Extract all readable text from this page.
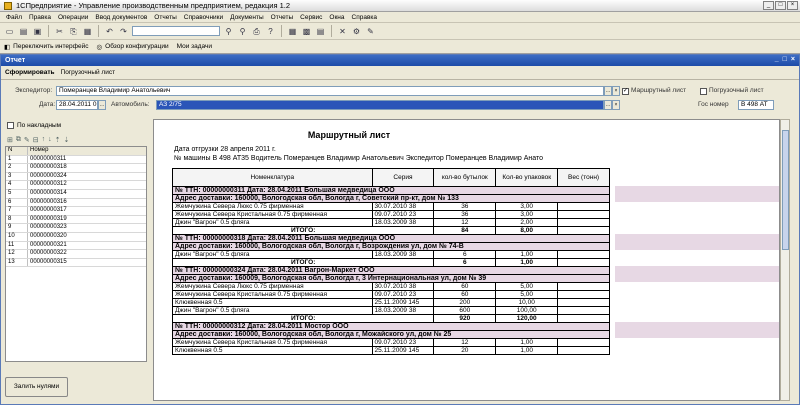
1СПредприятие - Управление производственным предприятием, редакция 1.2	_	□	×
Файл Правка Операции Ввод документов Отчеты Справочники Документы Отчеты Сервис Окна Справка
▭ ▤ ▣ ✂ ⎘ ▦ ↶ ↷	⚲	⚲ ⎙	?	▦ ▩ ▤ ✕ ⚙ ✎
◧ Переключить интерфейс ◎ Обзор конфигурации Мои задачи
Отчет	_ □ ×
Сформировать Погрузочный лист
Экспедитор:	Померанцев Владимир Анатольевич	… × ✓ Маршрутный лист	Погрузочный лист
Дата: 28.04.2011 0 … Автомобиль:	АЗ 2/75	… ×	Гос номер	В 498 АТ
По накладным
⊞ ⧉ ✎ ⊟ ↑ ↓ ⇡ ⇣
N	Номер
1	00000000311
2	00000000318
3	00000000324
4	00000000312
5	00000000314
6	00000000316
7	00000000317
8	00000000319
9	00000000323
10	00000000320
11	00000000321
12	00000000322
13	00000000315
Залить нулями
Маршрутный лист
Дата отгрузки 28 апреля 2011 г.
№ машины В 498 АТ35 Водитель Померанцев Владимир Анатольевич Экспедитор Померанцев Владимир Анато
Номенклатура	Серия	кол-во бутылок	Кол-во упаковок	Вес (тонн)
№ ТТН: 00000000311 Дата: 28.04.2011 Большая медведица ООО				
Адрес доставки: 160000, Вологодская обл, Вологда г, Советский пр-кт, дом № 133				
Жемчужина Севера Люкс 0.75 фирменная	30.07.2010 38	36	3,00	
Жемчужина Севера Кристальная 0.75 фирменная	09.07.2010 23	36	3,00	
Джин "Вагрон" 0.5 фляга	18.03.2009 38	12	2,00	
ИТОГО:		84	8,00	
№ ТТН: 00000000318 Дата: 28.04.2011 Большая медведица ООО				
Адрес доставки: 160000, Вологодская обл, Вологда г, Возрождения ул, дом № 74-В				
Джин "Вагрон" 0.5 фляга	18.03.2009 38	6	1,00	
ИТОГО:		6	1,00	
№ ТТН: 00000000324 Дата: 28.04.2011 Вагрон-Маркет ООО				
Адрес доставки: 160009, Вологодская обл, Вологда г, 3 Интернациональная ул, дом № 39				
Жемчужина Севера Люкс 0.75 фирменная	30.07.2010 38	60	5,00	
Жемчужина Севера Кристальная 0.75 фирменная	09.07.2010 23	60	5,00	
Клюквенная 0.5	25.11.2009 145	200	10,00	
Джин "Вагрон" 0.5 фляга	18.03.2009 38	600	100,00	
ИТОГО:		920	120,00	
№ ТТН: 00000000312 Дата: 28.04.2011 Мостор ООО				
Адрес доставки: 160000, Вологодская обл, Вологда г, Можайского ул, дом № 25				
Жемчужина Севера Кристальная 0.75 фирменная	09.07.2010 23	12	1,00	
Клюквенная 0.5	25.11.2009 145	20	1,00	
